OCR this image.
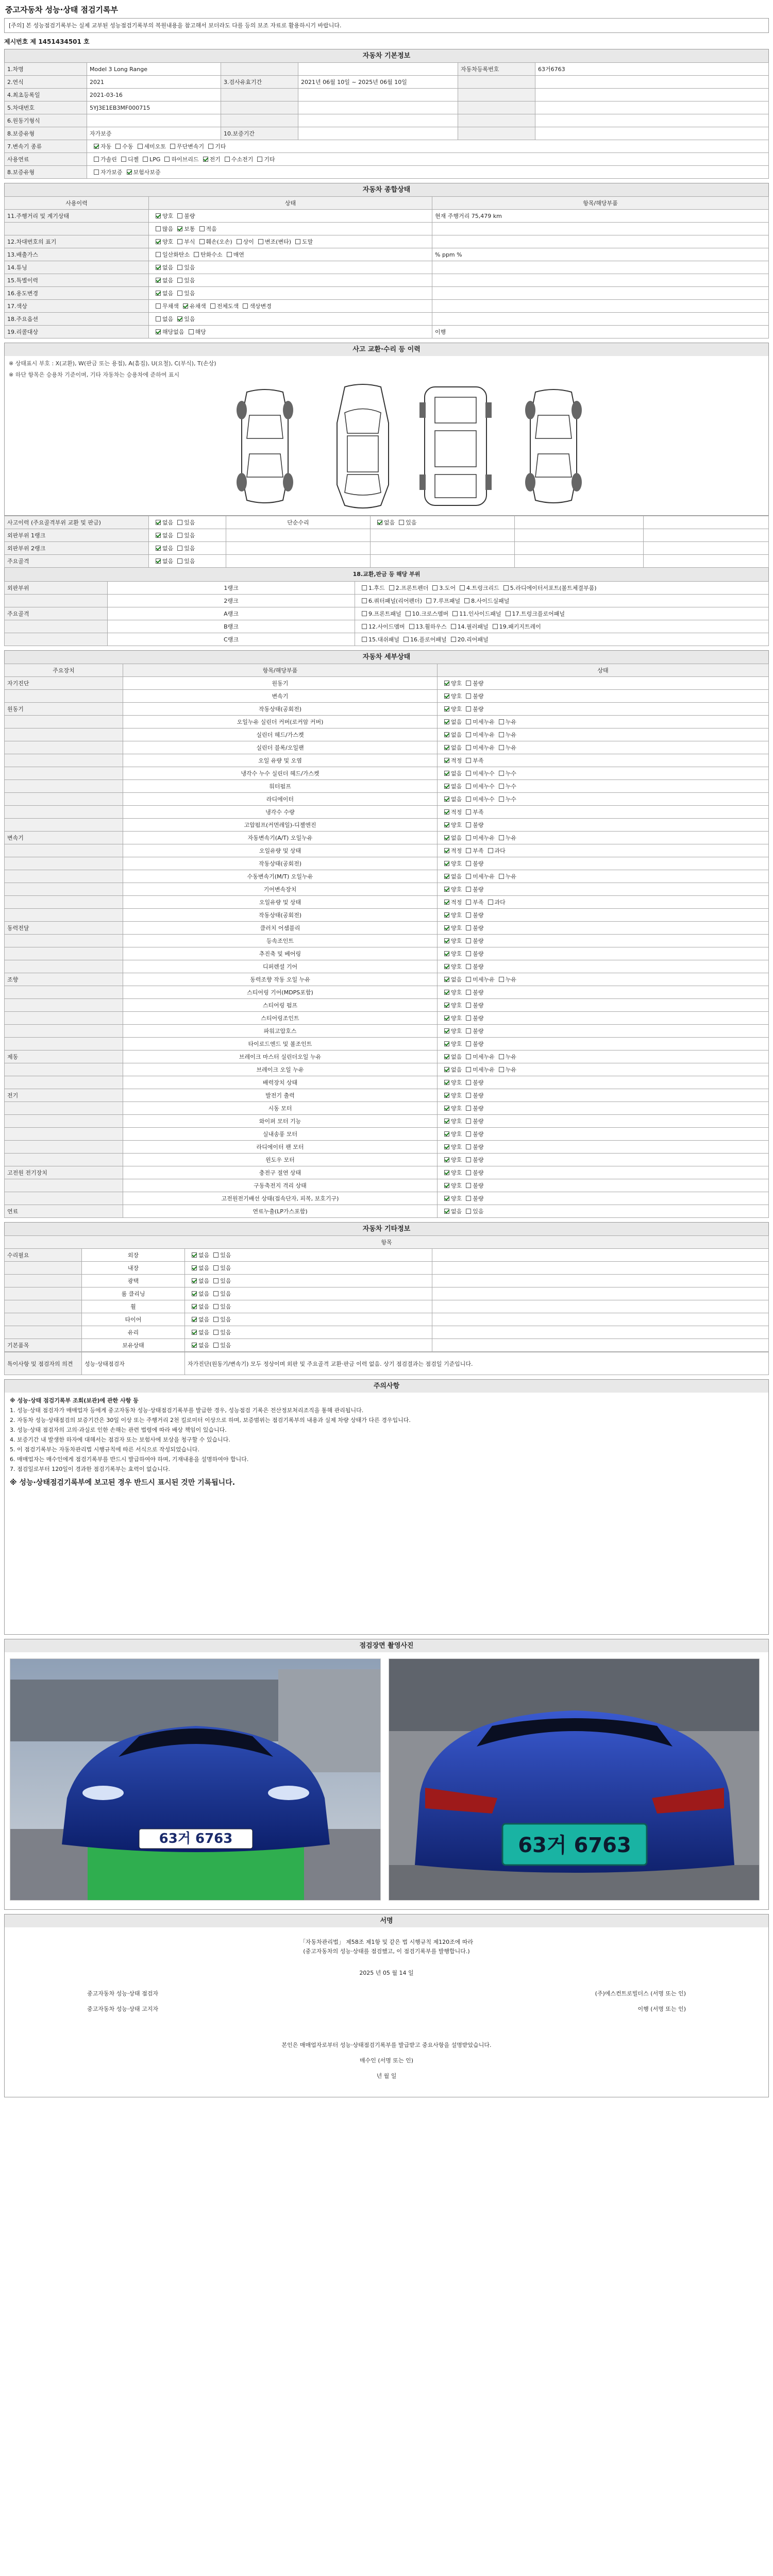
중고자동차 성능·상태 점검기록부
[주의] 본 성능점검기록부는 실제 교부된 성능점검기록부의 복원내용을 참고해서 보더라도 다를 등의 보조 자료로 활용하시기 바랍니다.
제시번호 제 1451434501 호
자동차 기본정보
1.차명	Model 3 Long Range			자동차등록번호	63거6763
2.연식	2021	3.검사유효기간	2021년 06월 10일 ~ 2025년 06월 10일		
4.최초등록일	2021-03-16				
5.차대번호	5YJ3E1EB3MF000715				
6.원동기형식					
8.보증유형	자가보증	10.보증기간			
7.변속기 종류	자동 수동 세미오토 무단변속기 기타				
사용연료	가솔린 디젤 LPG 하이브리드 전기 수소전기 기타				
8.보증유형	자가보증 보험사보증				
자동차 종합상태
사용이력	상태	항목/해당부품
11.주행거리 및 계기상태	양호 불량	현재 주행거리 75,479 km
	많음 보통 적음	
12.차대번호의 표기	양호 부식 훼손(오손) 상이 변조(변타) 도말	
13.배출가스	일산화탄소 탄화수소 매연	% ppm %
14.튜닝	없음 있음	
15.특별이력	없음 있음	
16.용도변경	없음 있음	
17.색상	무채색 유채색 전체도색 색상변경	
18.주요옵션	없음 있음	
19.리콜대상	해당없음 해당	이행
사고 교환·수리 등 이력
※ 상태표시 부호 : X(교환), W(판금 또는 용접), A(흠집), U(요철), C(부식), T(손상)
※ 하단 항목은 승용차 기준이며, 기타 자동차는 승용차에 준하여 표시
사고이력 (주요골격부위 교환 및 판금)	없음 있음	단순수리	없음 있음		
외판부위 1랭크	없음 있음				
외판부위 2랭크	없음 있음				
주요골격	없음 있음				
18.교환,판금 등 해당 부위
외판부위	1랭크	1.후드 2.프론트펜더 3.도어 4.트렁크리드 5.라디에이터서포트(볼트체결부품)
	2랭크	6.쿼터패널(리어펜더) 7.루프패널 8.사이드실패널
주요골격	A랭크	9.프론트패널 10.크로스멤버 11.인사이드패널 17.트렁크플로어패널
	B랭크	12.사이드멤버 13.휠하우스 14.필러패널 19.패키지트레이
	C랭크	15.대쉬패널 16.플로어패널 20.리어패널
자동차 세부상태
주요장치	항목/해당부품	상태
자기진단	원동기	양호 불량
	변속기	양호 불량
원동기	작동상태(공회전)	양호 불량
	오일누유 실린더 커버(로커암 커버)	없음 미세누유 누유
	실린더 헤드/가스켓	없음 미세누유 누유
	실린더 블록/오일팬	없음 미세누유 누유
	오일 유량 및 오염	적정 부족
	냉각수 누수 실린더 헤드/가스켓	없음 미세누수 누수
	워터펌프	없음 미세누수 누수
	라디에이터	없음 미세누수 누수
	냉각수 수량	적정 부족
	고압펌프(커먼레일)-디젤엔진	양호 불량
변속기	자동변속기(A/T) 오일누유	없음 미세누유 누유
	오일유량 및 상태	적정 부족 과다
	작동상태(공회전)	양호 불량
	수동변속기(M/T) 오일누유	없음 미세누유 누유
	기어변속장치	양호 불량
	오일유량 및 상태	적정 부족 과다
	작동상태(공회전)	양호 불량
동력전달	클러치 어셈블리	양호 불량
	등속조인트	양호 불량
	추진축 및 베어링	양호 불량
	디퍼렌셜 기어	양호 불량
조향	동력조향 작동 오일 누유	없음 미세누유 누유
	스티어링 기어(MDPS포함)	양호 불량
	스티어링 펌프	양호 불량
	스티어링조인트	양호 불량
	파워고압호스	양호 불량
	타이로드엔드 및 볼조인트	양호 불량
제동	브레이크 마스터 실린더오일 누유	없음 미세누유 누유
	브레이크 오일 누유	없음 미세누유 누유
	배력장치 상태	양호 불량
전기	발전기 출력	양호 불량
	시동 모터	양호 불량
	와이퍼 모터 기능	양호 불량
	실내송풍 모터	양호 불량
	라디에이터 팬 모터	양호 불량
	윈도우 모터	양호 불량
고전원 전기장치	충전구 절연 상태	양호 불량
	구동축전지 격리 상태	양호 불량
	고전원전기배선 상태(접속단자, 피복, 보호기구)	양호 불량
연료	연료누출(LP가스포함)	없음 있음
자동차 기타정보
항목			
수리필요	외장	없음 있음	
	내장	없음 있음	
	광택	없음 있음	
	룸 클리닝	없음 있음	
	휠	없음 있음	
	타이어	없음 있음	
	유리	없음 있음	
기본품목	보유상태	없음 있음	
특이사항 및 점검자의 의견	성능·상태점검자	자가진단(원동기/변속기) 모두 정상이며 외판 및 주요골격 교환·판금 이력 없음. 상기 점검결과는 점검일 기준입니다.
주의사항

※ 성능·상태 점검기록부 조회(보관)에 관한 사항 등

1. 성능·상태 점검자가 매매업자 등에게 중고자동차 성능·상태점검기록부를 발급한 경우, 성능점검 기록은 전산정보처리조직을 통해 관리됩니다.

2. 자동차 성능·상태점검의 보증기간은 30일 이상 또는 주행거리 2천 킬로미터 이상으로 하며, 보증범위는 점검기록부의 내용과 실제 차량 상태가 다른 경우입니다.

3. 성능·상태 점검자의 고의·과실로 인한 손해는 관련 법령에 따라 배상 책임이 있습니다.

4. 보증기간 내 발생한 하자에 대해서는 점검자 또는 보험사에 보상을 청구할 수 있습니다.

5. 이 점검기록부는 자동차관리법 시행규칙에 따른 서식으로 작성되었습니다.

6. 매매업자는 매수인에게 점검기록부를 반드시 발급하여야 하며, 기재내용을 설명하여야 합니다.

7. 점검일로부터 120일이 경과한 점검기록부는 효력이 없습니다.

※ 성능·상태점검기록부에 보고된 경우 반드시 표시된 것만 기록됩니다.

점검장면 촬영사진
63거 6763	63거 6763
서명
「자동차관리법」 제58조 제1항 및 같은 법 시행규칙 제120조에 따라
(중고자동차의 성능·상태를 점검했고, 이 점검기록부를 발행합니다.)
2025 년 05 월 14 일
중고자동차 성능·상태 점검자
중고자동차 성능·상태 고지자
(주)에스컨트로빌더스 (서명 또는 인)
이행 (서명 또는 인)
본인은 매매업자로부터 성능·상태점검기록부를 발급받고 중요사항을 설명받았습니다.
매수인 (서명 또는 인)
년 월 일
